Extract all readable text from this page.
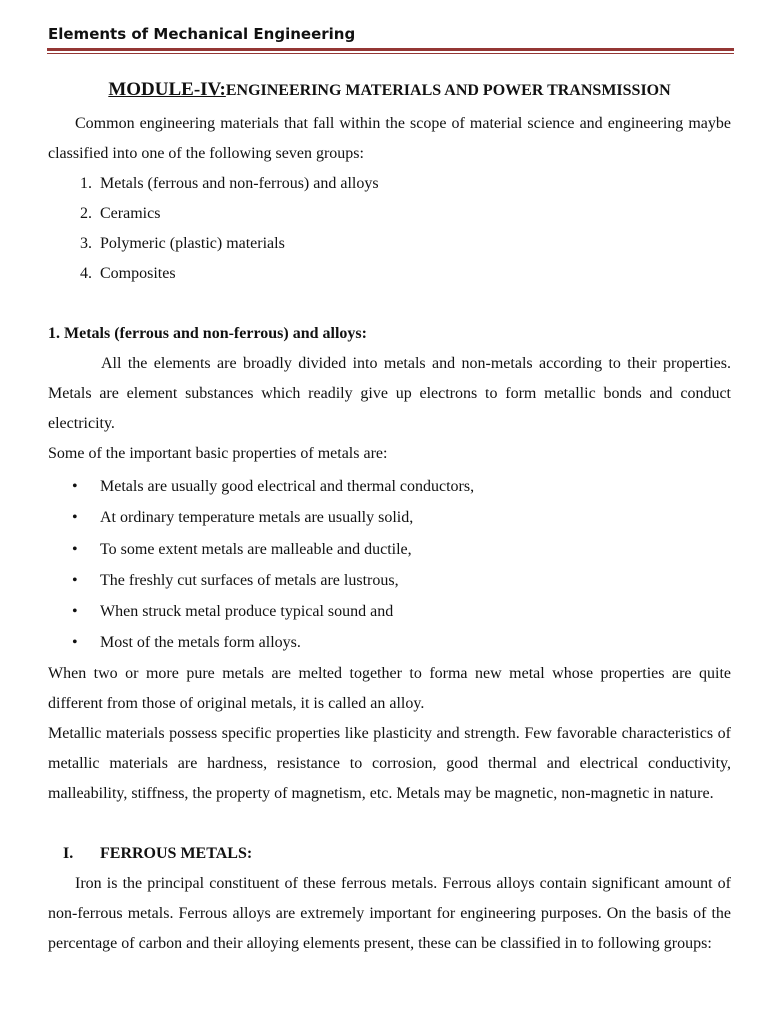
Elements of Mechanical Engineering
MODULE-IV:ENGINEERING MATERIALS AND POWER TRANSMISSION

Common engineering materials that fall within the scope of material science and engineering maybe classified into one of the following seven groups:

1. Metals (ferrous and non-ferrous) and alloys
2. Ceramics
3. Polymeric (plastic) materials
4. Composites
1. Metals (ferrous and non-ferrous) and alloys:

All the elements are broadly divided into metals and non-metals according to their properties. Metals are element substances which readily give up electrons to form metallic bonds and conduct electricity.

Some of the important basic properties of metals are:

•	Metals are usually good electrical and thermal conductors,
•	At ordinary temperature metals are usually solid,
•	To some extent metals are malleable and ductile,
•	The freshly cut surfaces of metals are lustrous,
•	When struck metal produce typical sound and
•	Most of the metals form alloys.

When two or more pure metals are melted together to forma new metal whose properties are quite different from those of original metals, it is called an alloy.

Metallic materials possess specific properties like plasticity and strength. Few favorable characteristics of metallic materials are hardness, resistance to corrosion, good thermal and electrical conductivity, malleability, stiffness, the property of magnetism, etc. Metals may be magnetic, non-magnetic in nature.

I.	FERROUS METALS:

Iron is the principal constituent of these ferrous metals. Ferrous alloys contain significant amount of non-ferrous metals. Ferrous alloys are extremely important for engineering purposes. On the basis of the percentage of carbon and their alloying elements present, these can be classified in to following groups:
